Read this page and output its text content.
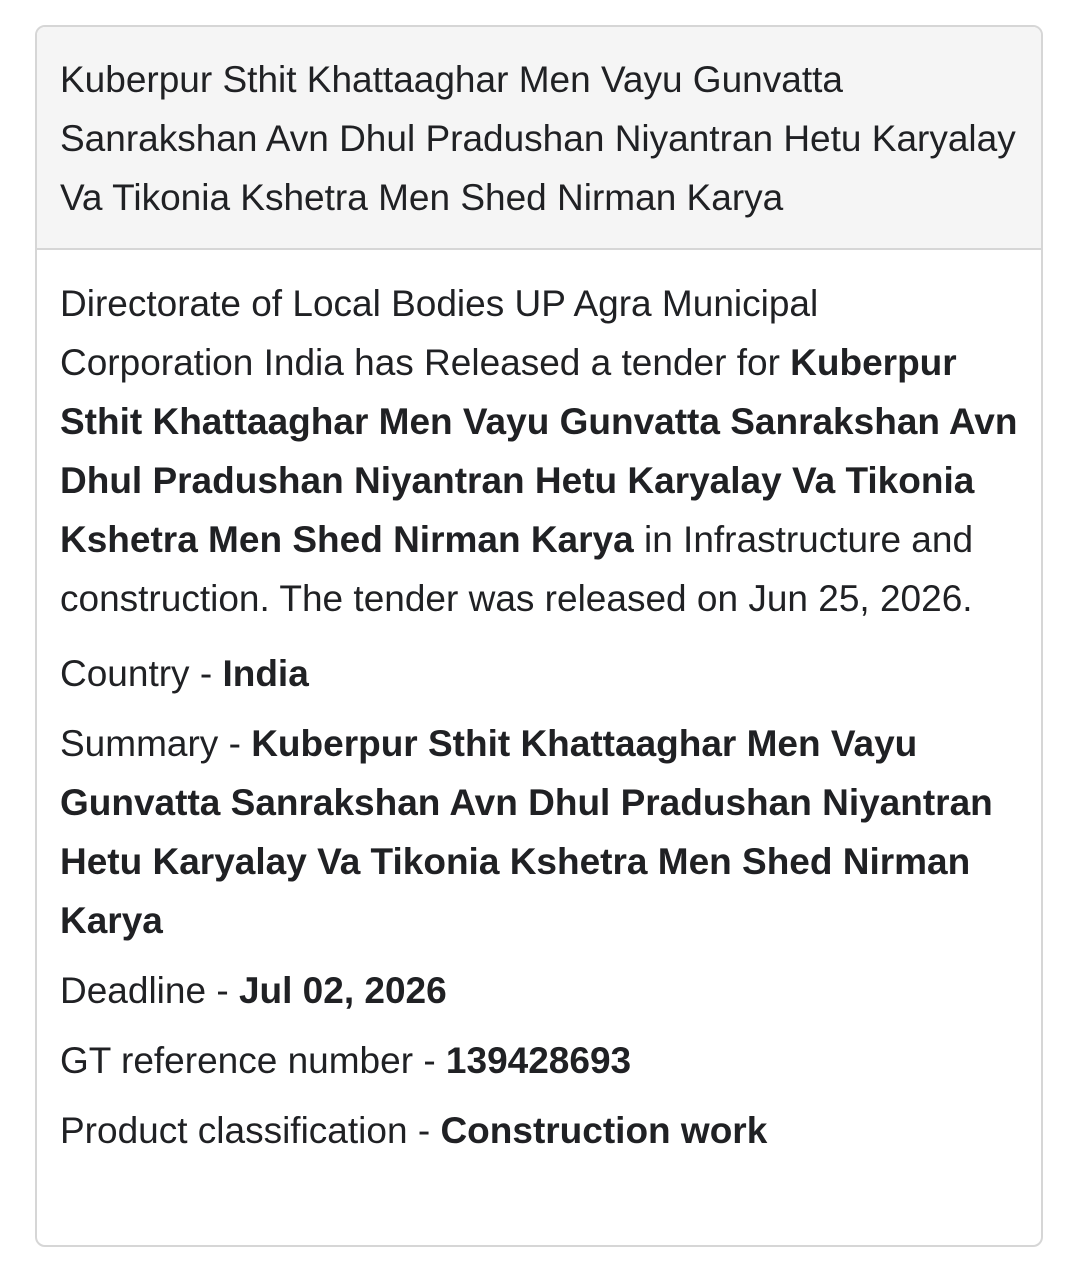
Kuberpur Sthit Khattaaghar Men Vayu Gunvatta Sanrakshan Avn Dhul Pradushan Niyantran Hetu Karyalay Va Tikonia Kshetra Men Shed Nirman Karya

Directorate of Local Bodies UP Agra Municipal Corporation India has Released a tender for Kuberpur Sthit Khattaaghar Men Vayu Gunvatta Sanrakshan Avn Dhul Pradushan Niyantran Hetu Karyalay Va Tikonia Kshetra Men Shed Nirman Karya in Infrastructure and construction. The tender was released on Jun 25, 2026.

Country - India
Summary - Kuberpur Sthit Khattaaghar Men Vayu Gunvatta Sanrakshan Avn Dhul Pradushan Niyantran Hetu Karyalay Va Tikonia Kshetra Men Shed Nirman Karya
Deadline - Jul 02, 2026
GT reference number - 139428693
Product classification - Construction work
